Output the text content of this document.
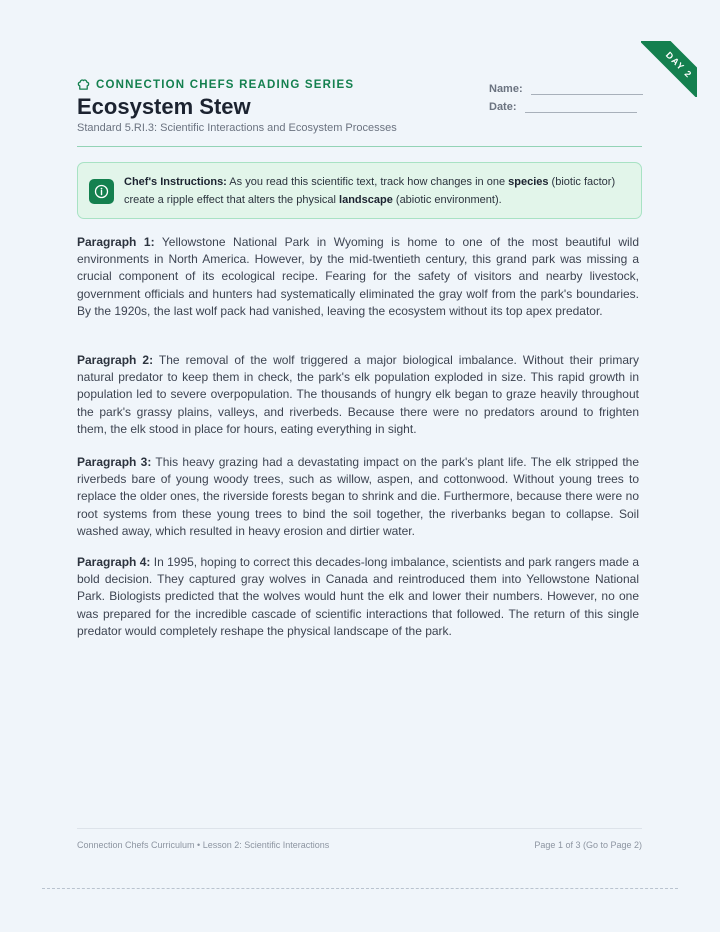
DAY 2
CONNECTION CHEFS READING SERIES
Ecosystem Stew
Standard 5.RI.3: Scientific Interactions and Ecosystem Processes
Name:
Date:
Chef's Instructions: As you read this scientific text, track how changes in one species (biotic factor) create a ripple effect that alters the physical landscape (abiotic environment).

Paragraph 1: Yellowstone National Park in Wyoming is home to one of the most beautiful wild environments in North America. However, by the mid-twentieth century, this grand park was missing a crucial component of its ecological recipe. Fearing for the safety of visitors and nearby livestock, government officials and hunters had systematically eliminated the gray wolf from the park's boundaries. By the 1920s, the last wolf pack had vanished, leaving the ecosystem without its top apex predator.

Paragraph 2: The removal of the wolf triggered a major biological imbalance. Without their primary natural predator to keep them in check, the park's elk population exploded in size. This rapid growth in population led to severe overpopulation. The thousands of hungry elk began to graze heavily throughout the park's grassy plains, valleys, and riverbeds. Because there were no predators around to frighten them, the elk stood in place for hours, eating everything in sight.

Paragraph 3: This heavy grazing had a devastating impact on the park's plant life. The elk stripped the riverbeds bare of young woody trees, such as willow, aspen, and cottonwood. Without young trees to replace the older ones, the riverside forests began to shrink and die. Furthermore, because there were no root systems from these young trees to bind the soil together, the riverbanks began to collapse. Soil washed away, which resulted in heavy erosion and dirtier water.

Paragraph 4: In 1995, hoping to correct this decades-long imbalance, scientists and park rangers made a bold decision. They captured gray wolves in Canada and reintroduced them into Yellowstone National Park. Biologists predicted that the wolves would hunt the elk and lower their numbers. However, no one was prepared for the incredible cascade of scientific interactions that followed. The return of this single predator would completely reshape the physical landscape of the park.

Connection Chefs Curriculum • Lesson 2: Scientific Interactions	Page 1 of 3 (Go to Page 2)
